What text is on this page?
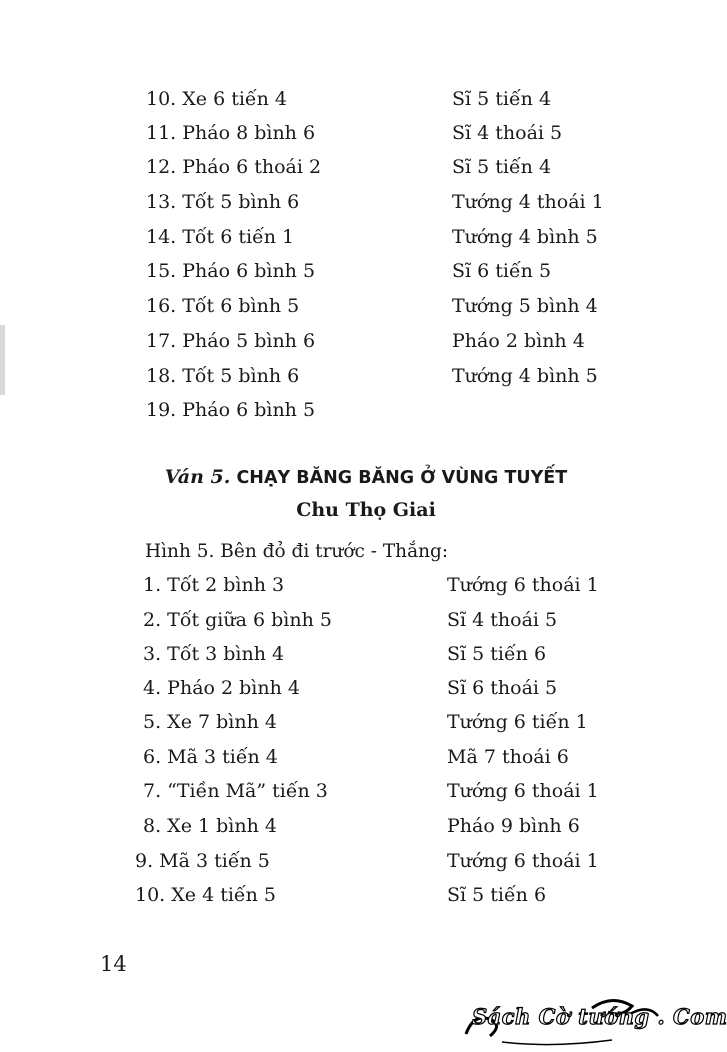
10. Xe 6 tiến 4	Sĩ 5 tiến 4
11. Pháo 8 bình 6	Sĩ 4 thoái 5
12. Pháo 6 thoái 2	Sĩ 5 tiến 4
13. Tốt 5 bình 6	Tướng 4 thoái 1
14. Tốt 6 tiến 1	Tướng 4 bình 5
15. Pháo 6 bình 5	Sĩ 6 tiến 5
16. Tốt 6 bình 5	Tướng 5 bình 4
17. Pháo 5 bình 6	Pháo 2 bình 4
18. Tốt 5 bình 6	Tướng 4 bình 5
19. Pháo 6 bình 5
Ván 5. CHẠY BĂNG BĂNG Ở VÙNG TUYẾT
Chu Thọ Giai
Hình 5. Bên đỏ đi trước - Thắng:
1. Tốt 2 bình 3	Tướng 6 thoái 1
2. Tốt giữa 6 bình 5	Sĩ 4 thoái 5
3. Tốt 3 bình 4	Sĩ 5 tiến 6
4. Pháo 2 bình 4	Sĩ 6 thoái 5
5. Xe 7 bình 4	Tướng 6 tiến 1
6. Mã 3 tiến 4	Mã 7 thoái 6
7. “Tiền Mã” tiến 3	Tướng 6 thoái 1
8. Xe 1 bình 4	Pháo 9 bình 6
9. Mã 3 tiến 5	Tướng 6 thoái 1
10. Xe 4 tiến 5	Sĩ 5 tiến 6
14
Sách Cờ tướng . Com
